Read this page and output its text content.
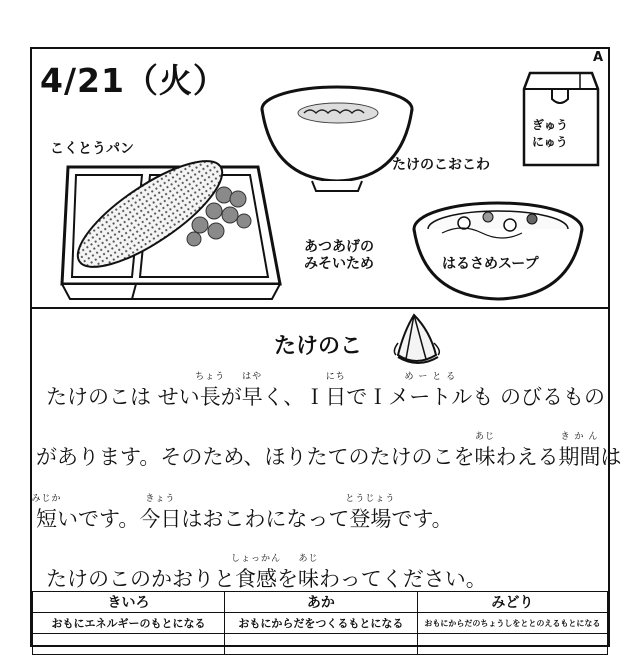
4/21（火）
A
こくとうパン
たけのこおこわ
ぎゅう
にゅう
あつあげの
みそいため	はるさめスープ
たけのこ
たけのこは せい
ちょう
長が
はや
早く、Ｉ
にち
日でＩ
め ー と る
メートルも のびるもの
があります。そのため、ほりたてのたけのこを
あじ
味わえる
き か ん
期間は
みじか
短いです。
きょう
今日はおこわになって
とうじょう
登場です。
たけのこのかおりと
しょっかん
食感を
あじ
味わってください。
きいろ	あか	みどり
おもにエネルギーのもとになる	おもにからだをつくるもとになる	おもにからだのちょうしをととのえるもとになる
